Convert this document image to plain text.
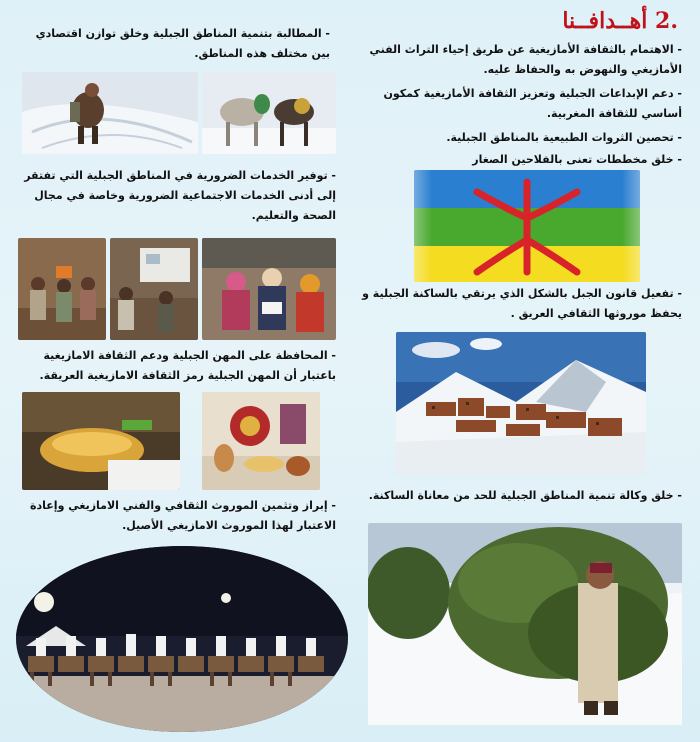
.2 أهــدافــنا
- الاهتمام بالثقافة الأمازيغية عن طريق إحياء التراث الفني الأمازيغي والنهوض به والحفاظ عليه.
- دعم الإبداعات الجبلية وتعزيز الثقافة الأمازيغية كمكون أساسي للثقافة المغربية.
- تحصين الثروات الطبيعية بالمناطق الجبلية.
- خلق مخططات تعنى بالفلاحين الصغار
- تفعيل قانون الجبل بالشكل الذي يرتقي بالساكنة الجبلية و يحفظ موروثها الثقافي العريق .
- خلق وكالة تنمية المناطق الجبلية للحد من معاناة الساكنة.
- المطالبة بتنمية المناطق الجبلية وخلق توازن اقتصادي بين مختلف هذه المناطق.
- توفير الخدمات الضرورية في المناطق الجبلية التي تفتقر إلى أدنى الخدمات الاجتماعية الضرورية وخاصة في مجال الصحة والتعليم.
- المحافظة على المهن الجبلية ودعم الثقافة الامازيغية باعتبار أن المهن الجبلية رمز الثقافة الامازيغية العريقة.
- إبراز وتثمين الموروث الثقافي والفني الامازيغي وإعادة الاعتبار لهذا الموروث الامازيغي الأصيل.
